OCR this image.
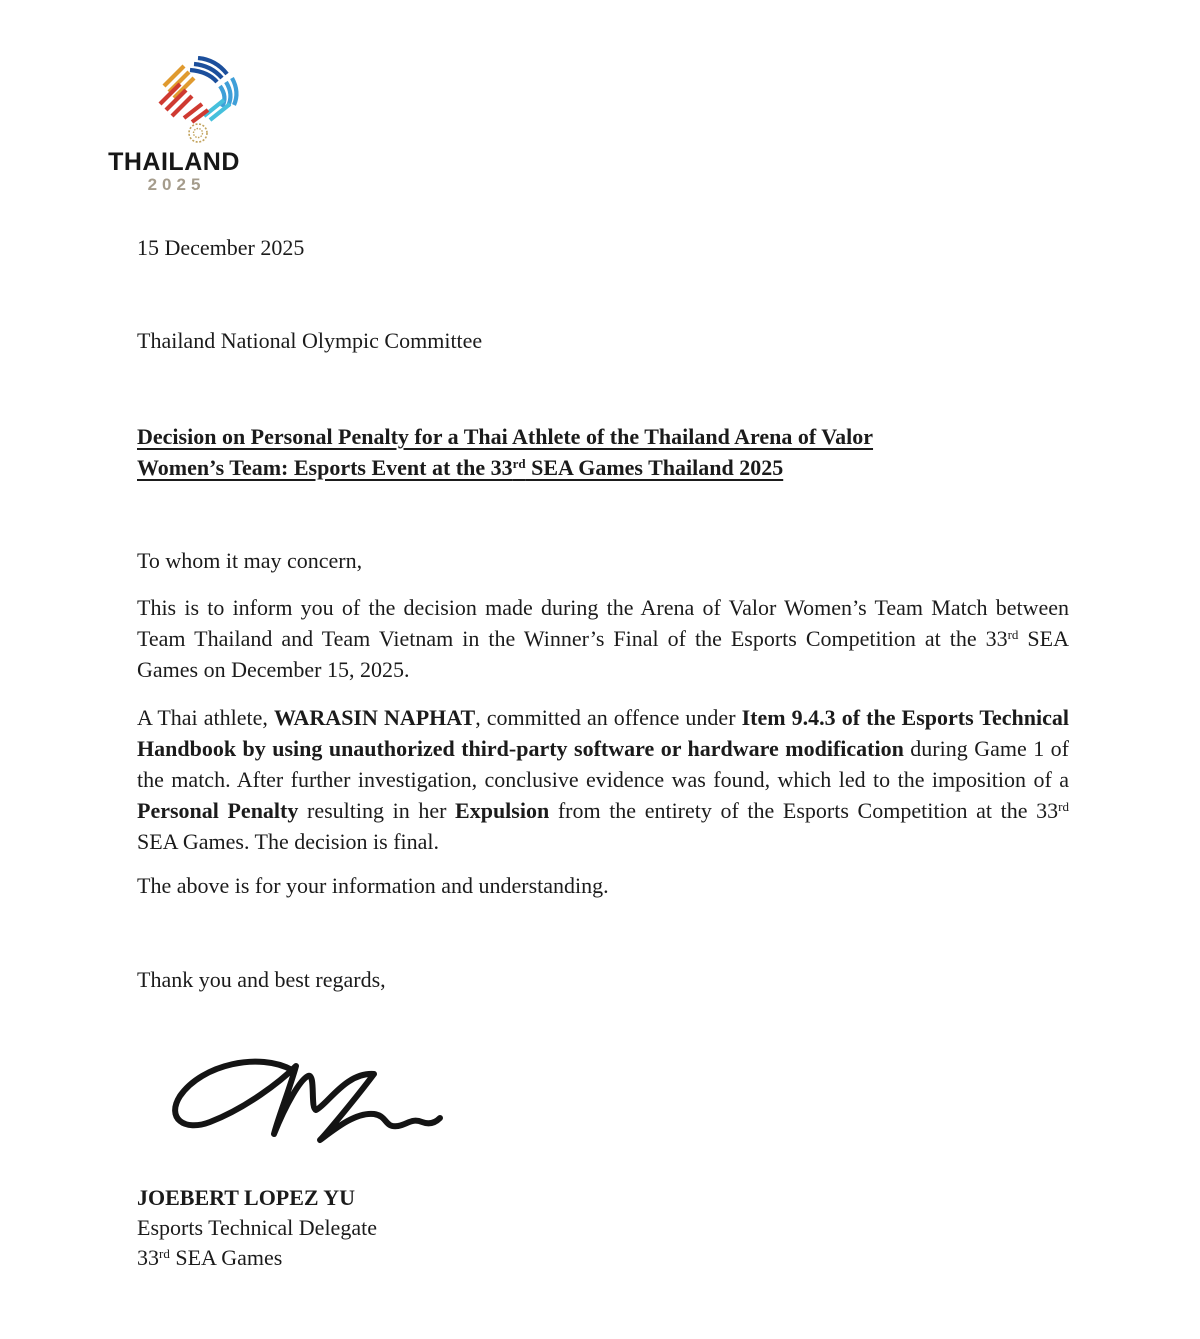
THAILAND
2025
15 December 2025
Thailand National Olympic Committee
Decision on Personal Penalty for a Thai Athlete of the Thailand Arena of Valor
Women’s Team: Esports Event at the 33rd SEA Games Thailand 2025
To whom it may concern,

This is to inform you of the decision made during the Arena of Valor Women’s Team Match between Team Thailand and Team Vietnam in the Winner’s Final of the Esports Competition at the 33rd SEA Games on December 15, 2025.

A Thai athlete, WARASIN NAPHAT, committed an offence under Item 9.4.3 of the Esports Technical Handbook by using unauthorized third-party software or hardware modification during Game 1 of the match. After further investigation, conclusive evidence was found, which led to the imposition of a Personal Penalty resulting in her Expulsion from the entirety of the Esports Competition at the 33rd SEA Games. The decision is final.

The above is for your information and understanding.
Thank you and best regards,
JOEBERT LOPEZ YU
Esports Technical Delegate
33rd SEA Games
